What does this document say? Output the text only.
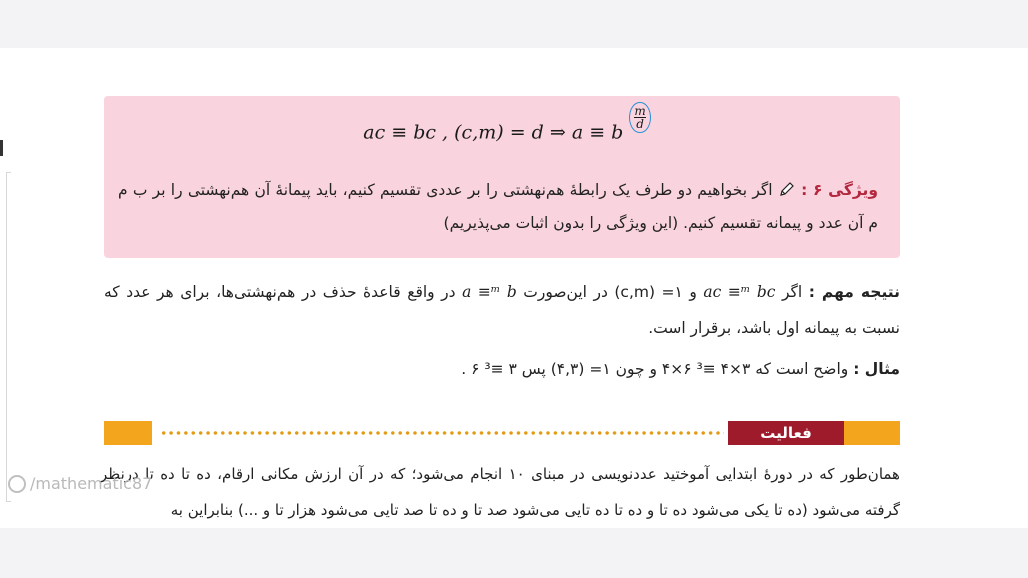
ac ≡ bc , (c,m) = d ⇒ a ≡ b $\frac{m}{d}$
ویژگی ۶ :  اگر بخواهیم دو طرف یک رابطهٔ هم‌نهشتی را بر عددی تقسیم کنیم، باید پیمانهٔ آن هم‌نهشتی را بر ب م م آن عدد و پیمانه تقسیم کنیم. (این ویژگی را بدون اثبات می‌پذیریم)
نتیجه مهم : اگر ac ≡ᵐ bc و ۱= (c,m) در این‌صورت a ≡ᵐ b در واقع قاعدهٔ حذف در هم‌نهشتی‌ها، برای هر عدد که نسبت به پیمانه اول باشد، برقرار است.
مثال : واضح است که ۳×۴ ≡³ ۶×۴ و چون ۱= (۴,۳) پس ۳ ≡³ ۶ .
فعالیت
همان‌طور که در دورهٔ ابتدایی آموختید عددنویسی در مبنای ۱۰ انجام می‌شود؛ که در آن ارزش مکانی ارقام، ده تا ده تا درنظر گرفته می‌شود (ده تا یکی می‌شود ده تا و ده تا ده تایی می‌شود صد تا و ده تا صد تایی می‌شود هزار تا و ...) بنابراین به
/mathematic87
